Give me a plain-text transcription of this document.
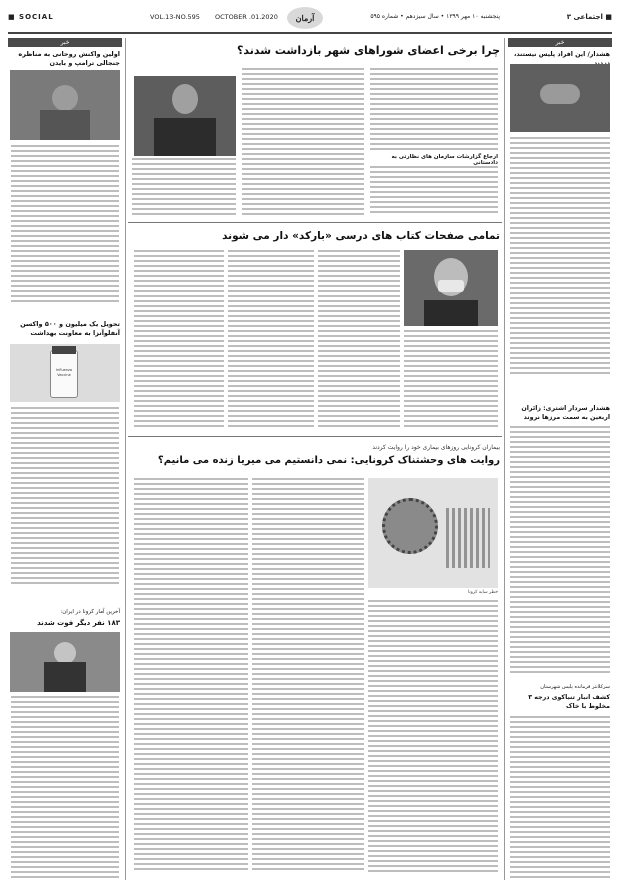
■ SOCIAL	VOL.13-NO.595 OCTOBER .01.2020	آرمان	پنجشنبه ۱۰ مهر ۱۳۹۹ • سال سیزدهم • شماره ۵۹۵	■ اجتماعی ۳
خبر
اولین واکنش روحانی به مناظره جنجالی ترامپ و بایدن
تحویل یک میلیون و ۵۰۰ واکسن آنفلوآنزا به معاونت بهداشت
Influenza Vaccine
آخرین آمار کرونا در ایران:
۱۸۳ نفر دیگر فوت شدند
خبر
هشدار/ این افراد پلیس نیستند،
هشدار سردار اشتری: زائران اربعین به سمت مرزها نروند
سرکلانتر فرمانده پلیس شهرستان
کشف انبار تنباکوی درجه ۳ مخلوط با خاک
چرا برخی اعضای شوراهای شهر بازداشت شدند؟
ارجاع گزارشات سازمان های نظارتی به دادستانی
تمامی صفحات کتاب های درسی «بارکد» دار می شوند
بیماران کرونایی روزهای بیماری خود را روایت کردند
روایت های وحشتناک کرونایی: نمی دانستیم می میریا زنده می مانیم؟
خطر سایه کرونا
